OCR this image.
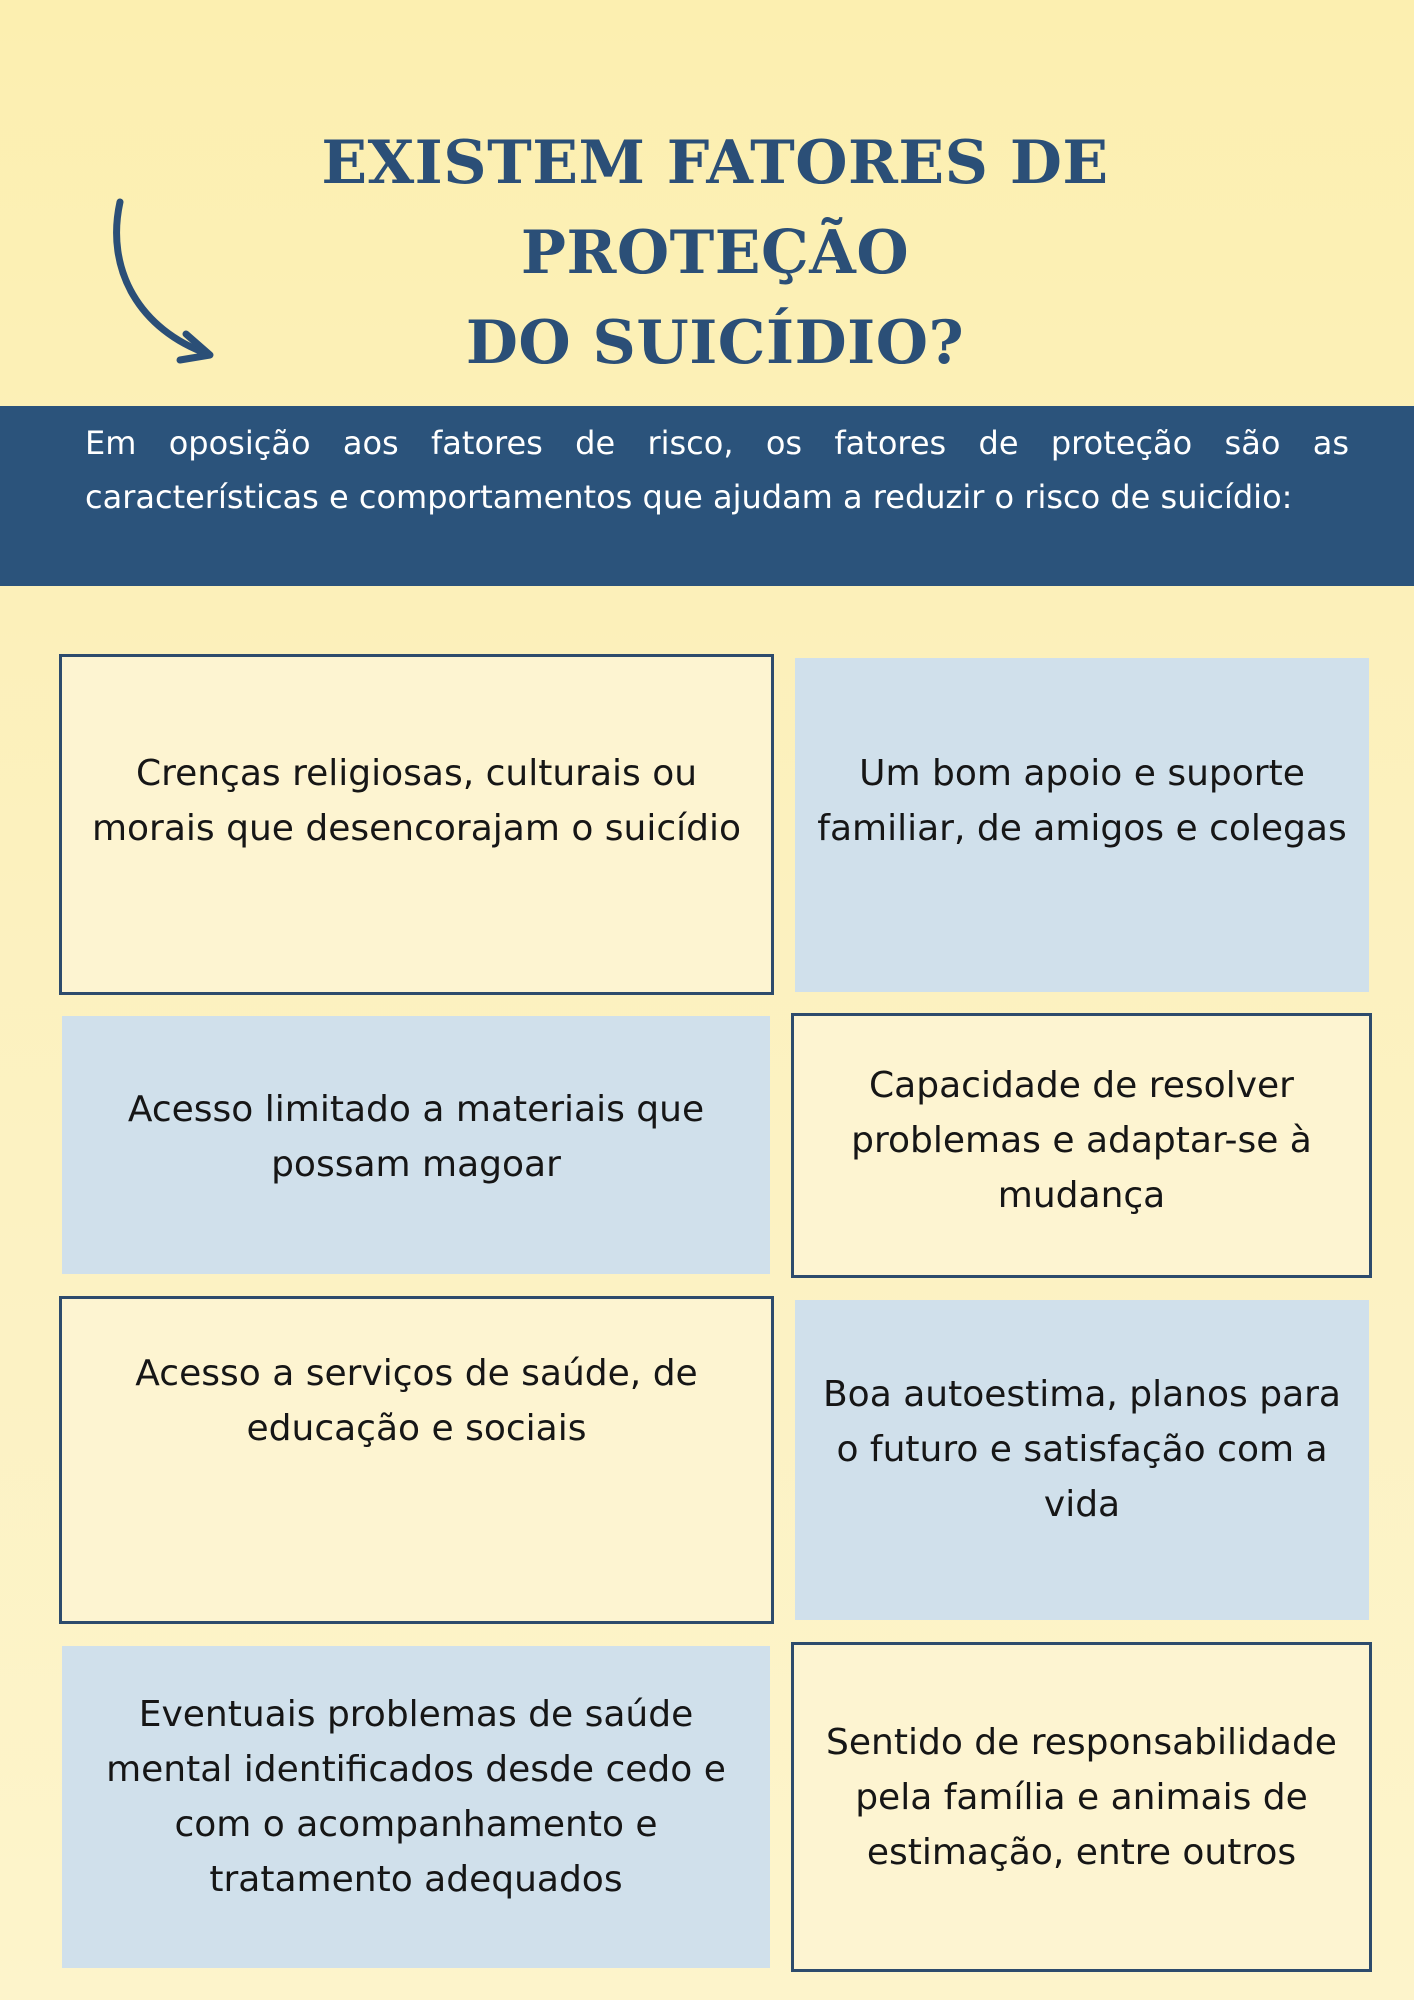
EXISTEM FATORES DE PROTEÇÃO
DO SUICÍDIO?

Em oposição aos fatores de risco, os fatores de proteção são as características e comportamentos que ajudam a reduzir o risco de suicídio:

Crenças religiosas, culturais ou morais que desencorajam o suicídio

Um bom apoio e suporte familiar, de amigos e colegas

Acesso limitado a materiais que possam magoar

Capacidade de resolver problemas e adaptar-se à mudança

Acesso a serviços de saúde, de educação e sociais

Boa autoestima, planos para o futuro e satisfação com a vida

Eventuais problemas de saúde mental identificados desde cedo e com o acompanhamento e tratamento adequados

Sentido de responsabilidade pela família e animais de estimação, entre outros
